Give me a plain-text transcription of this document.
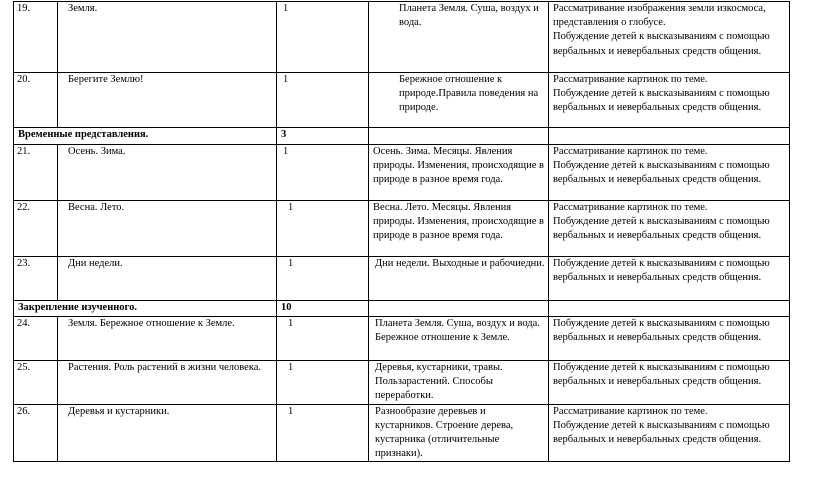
19.	Земля.	1	Планета Земля. Суша, воздух и вода.	Рассматривание изображения земли изкосмоса, представления о глобусе.
Побуждение детей к высказываниям с помощью вербальных и невербальных средств общения.

20.	Берегите Землю!	1	Бережное отношение к природе.Правила поведения на природе.	Рассматривание картинок по теме.
Побуждение детей к высказываниям с помощью вербальных и невербальных средств общения.

Временные представления.		3		

21.	Осень. Зима.	1	Осень. Зима. Месяцы. Явления природы. Изменения, происходящие в природе в разное время года.	Рассматривание картинок по теме.
Побуждение детей к высказываниям с помощью вербальных и невербальных средств общения.

22.	Весна. Лето.	1	Весна. Лето. Месяцы. Явления природы. Изменения, происходящие в природе в разное время года.	Рассматривание картинок по теме.
Побуждение детей к высказываниям с помощью вербальных и невербальных средств общения.

23.	Дни недели.	1	Дни недели. Выходные и рабочиедни.	Побуждение детей к высказываниям с помощью вербальных и невербальных средств общения.

Закрепление изученного.		10		

24.	Земля. Бережное отношение к Земле.	1	Планета Земля. Суша, воздух и вода. Бережное отношение к Земле.	Побуждение детей к высказываниям с помощью вербальных и невербальных средств общения.

25.	Растения. Роль растений в жизни человека.	1	Деревья, кустарники, травы. Пользарастений. Способы переработки.	Побуждение детей к высказываниям с помощью вербальных и невербальных средств общения.

26.	Деревья и кустарники.	1	Разнообразие деревьев и кустарников. Строение дерева, кустарника (отличительные признаки).	Рассматривание картинок по теме.
Побуждение детей к высказываниям с помощью вербальных и невербальных средств общения.
